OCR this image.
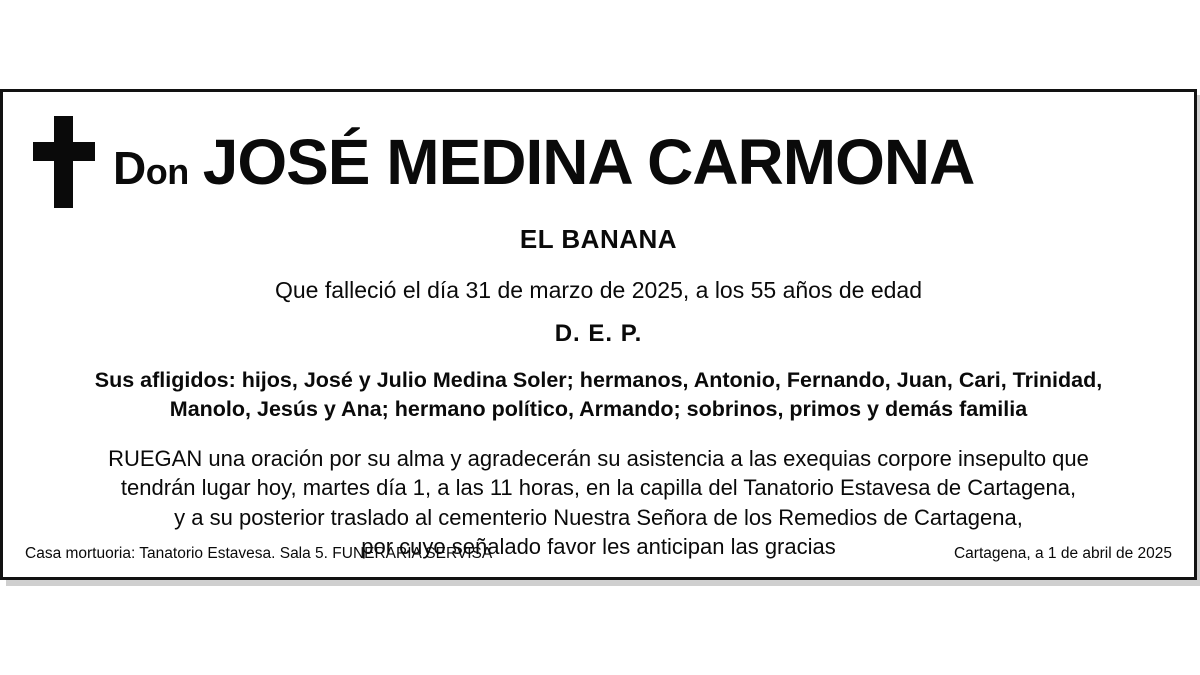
Don JOSÉ MEDINA CARMONA
EL BANANA
Que falleció el día 31 de marzo de 2025, a los 55 años de edad
D. E. P.
Sus afligidos: hijos, José y Julio Medina Soler; hermanos, Antonio, Fernando, Juan, Cari, Trinidad,
Manolo, Jesús y Ana; hermano político, Armando; sobrinos, primos y demás familia
RUEGAN una oración por su alma y agradecerán su asistencia a las exequias corpore insepulto que
tendrán lugar hoy, martes día 1, a las 11 horas, en la capilla del Tanatorio Estavesa de Cartagena,
y a su posterior traslado al cementerio Nuestra Señora de los Remedios de Cartagena,
por cuyo señalado favor les anticipan las gracias
Casa mortuoria: Tanatorio Estavesa. Sala 5. FUNERARIA SERVISA	Cartagena, a 1 de abril de 2025
